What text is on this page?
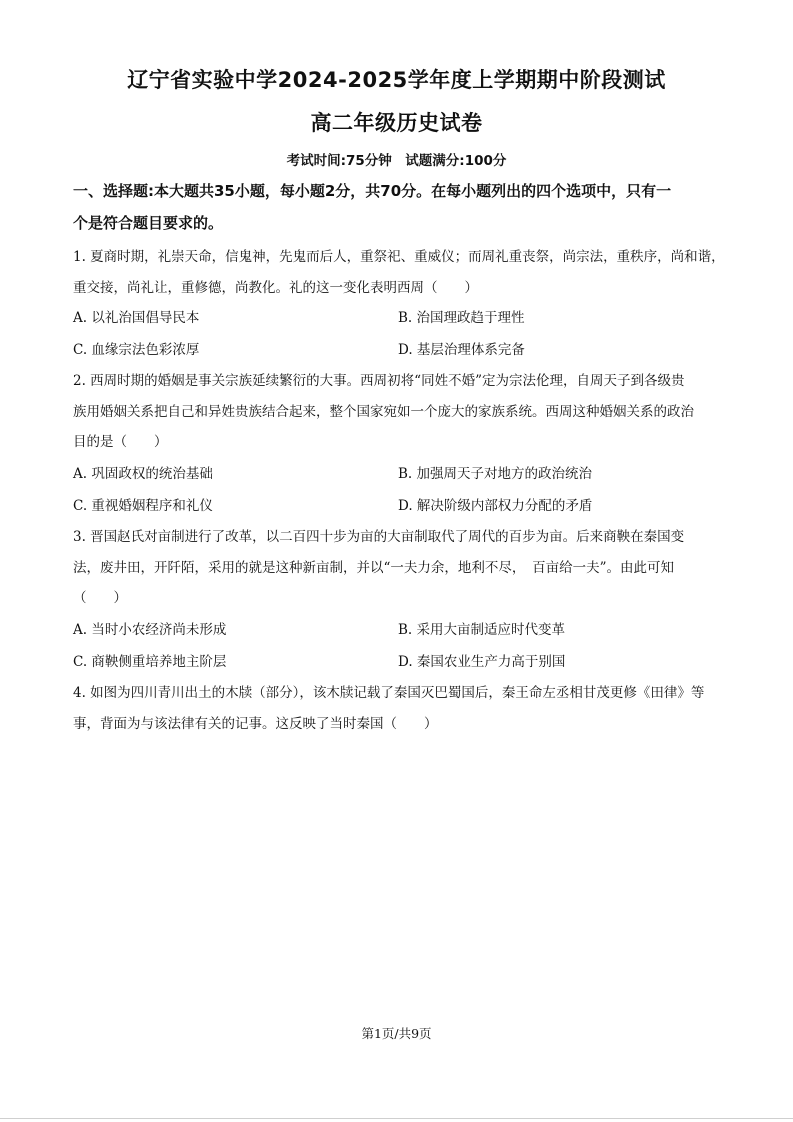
辽宁省实验中学2024-2025学年度上学期期中阶段测试
高二年级历史试卷
考试时间:75分钟　试题满分:100分
一、选择题:本大题共35小题，每小题2分，共70分。在每小题列出的四个选项中，只有一
个是符合题目要求的。
1. 夏商时期，礼崇天命，信鬼神，先鬼而后人，重祭祀、重威仪；而周礼重丧祭，尚宗法，重秩序，尚和谐，
重交接，尚礼让，重修德，尚教化。礼的这一变化表明西周（　　）
A. 以礼治国倡导民本	B. 治国理政趋于理性
C. 血缘宗法色彩浓厚	D. 基层治理体系完备
2. 西周时期的婚姻是事关宗族延续繁衍的大事。西周初将“同姓不婚”定为宗法伦理，自周天子到各级贵
族用婚姻关系把自己和异姓贵族结合起来，整个国家宛如一个庞大的家族系统。西周这种婚姻关系的政治
目的是（　　）
A. 巩固政权的统治基础	B. 加强周天子对地方的政治统治
C. 重视婚姻程序和礼仪	D. 解决阶级内部权力分配的矛盾
3. 晋国赵氏对亩制进行了改革，以二百四十步为亩的大亩制取代了周代的百步为亩。后来商鞅在秦国变
法，废井田，开阡陌，采用的就是这种新亩制，并以“一夫力余，地利不尽，　百亩给一夫”。由此可知
（　　）
A. 当时小农经济尚未形成	B. 采用大亩制适应时代变革
C. 商鞅侧重培养地主阶层	D. 秦国农业生产力高于别国
4. 如图为四川青川出土的木牍（部分），该木牍记载了秦国灭巴蜀国后，秦王命左丞相甘茂更修《田律》等
事，背面为与该法律有关的记事。这反映了当时秦国（　　）
第1页/共9页
